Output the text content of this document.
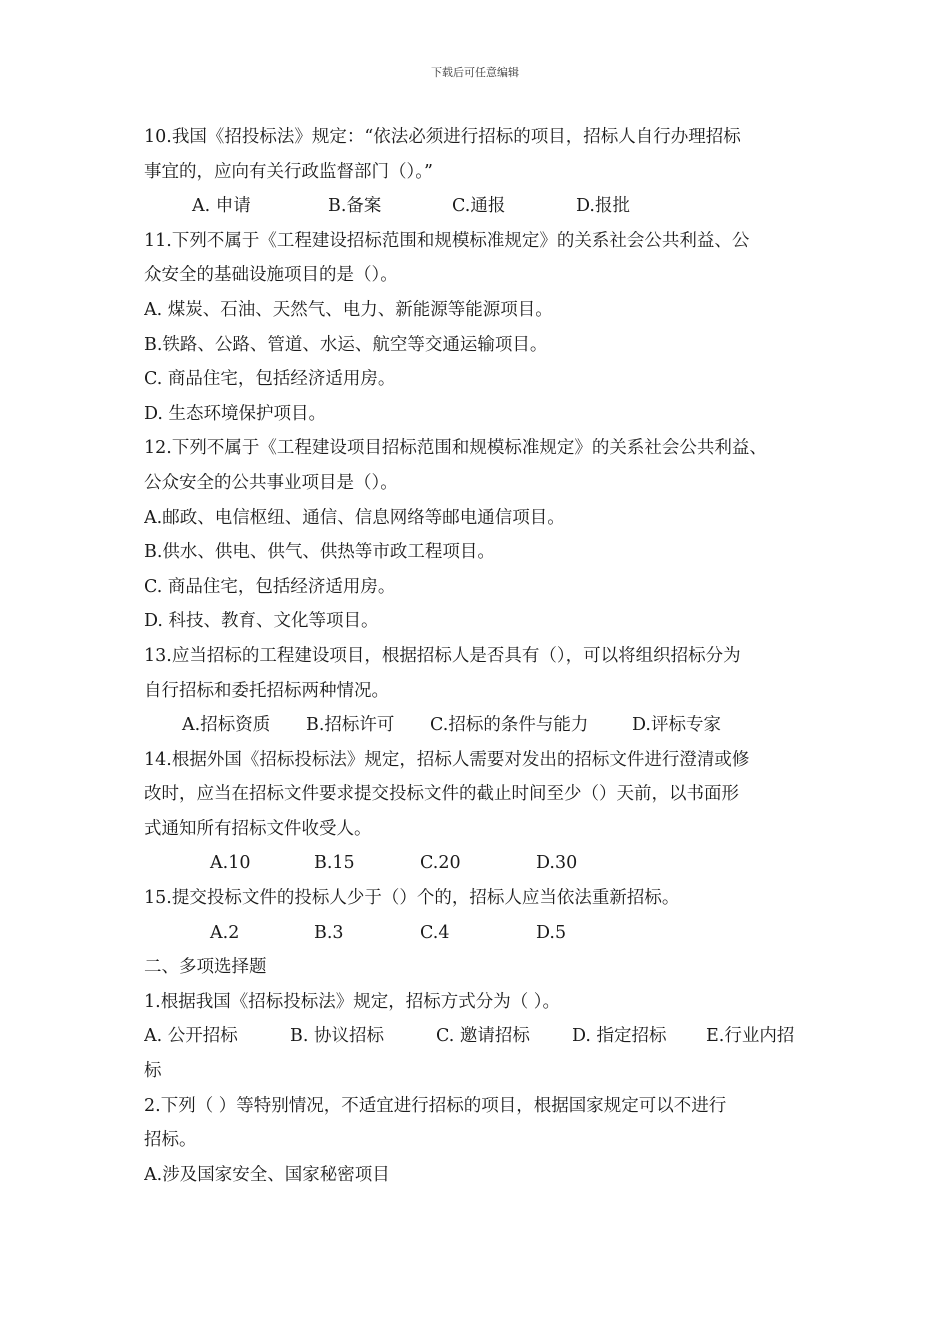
下载后可任意编辑
10.我国《招投标法》规定：“依法必须进行招标的项目，招标人自行办理招标
事宜的，应向有关行政监督部门（）。”
A. 申请	B.备案	C.通报	D.报批
11.下列不属于《工程建设招标范围和规模标准规定》的关系社会公共利益、公
众安全的基础设施项目的是（）。
A. 煤炭、石油、天然气、电力、新能源等能源项目。
B.铁路、公路、管道、水运、航空等交通运输项目。
C. 商品住宅，包括经济适用房。
D. 生态环境保护项目。
12.下列不属于《工程建设项目招标范围和规模标准规定》的关系社会公共利益、
公众安全的公共事业项目是（）。
A.邮政、电信枢纽、通信、信息网络等邮电通信项目。
B.供水、供电、供气、供热等市政工程项目。
C. 商品住宅，包括经济适用房。
D. 科技、教育、文化等项目。
13.应当招标的工程建设项目，根据招标人是否具有（），可以将组织招标分为
自行招标和委托招标两种情况。
A.招标资质 B.招标许可 C.招标的条件与能力 D.评标专家
14.根据外国《招标投标法》规定，招标人需要对发出的招标文件进行澄清或修
改时，应当在招标文件要求提交投标文件的截止时间至少（）天前，以书面形
式通知所有招标文件收受人。
A.10	B.15	C.20	D.30
15.提交投标文件的投标人少于（）个的，招标人应当依法重新招标。
A.2	B.3	C.4	D.5
二、多项选择题
1.根据我国《招标投标法》规定，招标方式分为（ ）。
A. 公开招标	B. 协议招标	C. 邀请招标 D. 指定招标 E.行业内招
标
2.下列（ ）等特别情况，不适宜进行招标的项目，根据国家规定可以不进行
招标。
A.涉及国家安全、国家秘密项目
